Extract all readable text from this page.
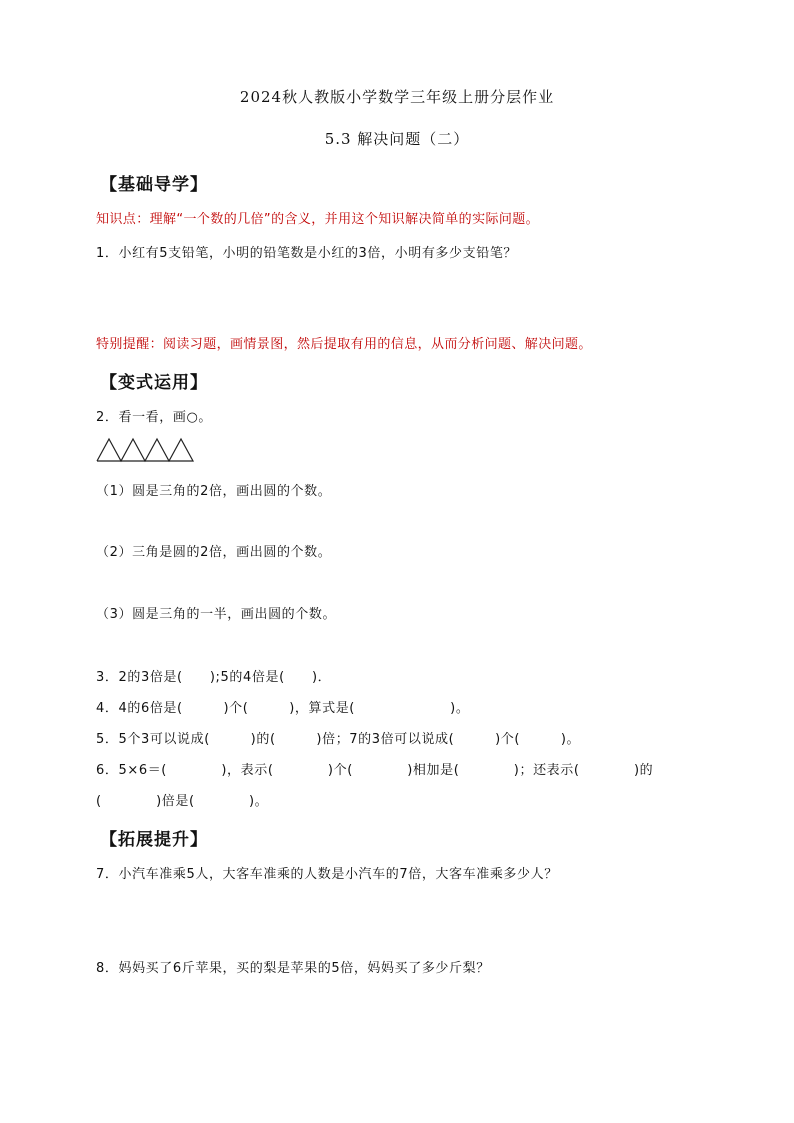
2024秋人教版小学数学三年级上册分层作业
5.3 解决问题（二）
【基础导学】
知识点：理解“一个数的几倍”的含义，并用这个知识解决简单的实际问题。
1．小红有5支铅笔，小明的铅笔数是小红的3倍，小明有多少支铅笔？
特别提醒：阅读习题，画情景图，然后提取有用的信息，从而分析问题、解决问题。
【变式运用】
2．看一看，画○。
（1）圆是三角的2倍，画出圆的个数。
（2）三角是圆的2倍，画出圆的个数。
（3）圆是三角的一半，画出圆的个数。
3．2的3倍是(　　);5的4倍是(　　)．
4．4的6倍是(　　　)个(　　　)，算式是(　　　　　　　)。
5．5个3可以说成(　　　)的(　　　)倍；7的3倍可以说成(　　　)个(　　　)。
6．5×6＝(　　　　)，表示(　　　　)个(　　　　)相加是(　　　　)；还表示(　　　　)的
(　　　　)倍是(　　　　)。
【拓展提升】
7．小汽车准乘5人，大客车准乘的人数是小汽车的7倍，大客车准乘多少人？
8．妈妈买了6斤苹果，买的梨是苹果的5倍，妈妈买了多少斤梨？
